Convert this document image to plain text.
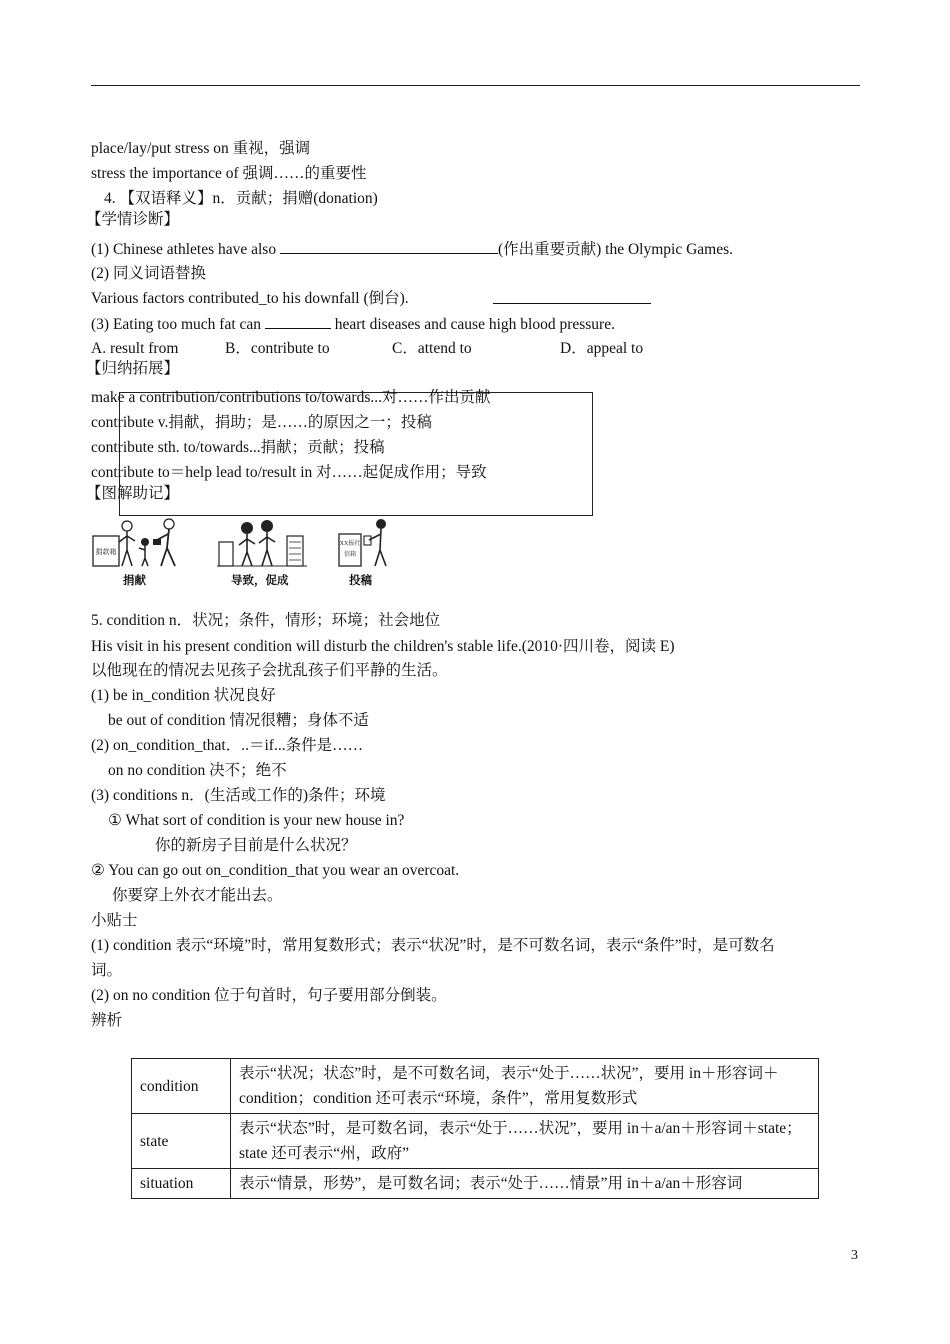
place/lay/put stress on 重视，强调
stress the importance of 强调……的重要性
4. 【双语释义】n．贡献；捐赠(donation)
【学情诊断】
(1) Chinese athletes have also	(作出重要贡献) the Olympic Games.
(2) 同义词语替换
Various factors contributed_to his downfall (倒台).
(3) Eating too much fat can	heart diseases and cause high blood pressure.
A. result from	B．contribute to	C．attend to	D．appeal to
【归纳拓展】
make a contribution/contributions to/towards...对……作出贡献
contribute v.捐献，捐助；是……的原因之一；投稿
contribute sth. to/towards...捐献；贡献；投稿
contribute to＝help lead to/result in 对……起促成作用；导致
【图解助记】
捐款箱
捐献	导致，促成
XX报社
信箱
投稿
5. condition n．状况；条件，情形；环境；社会地位
His visit in his present condition will disturb the children's stable life.(2010·四川卷，阅读 E)
以他现在的情况去见孩子会扰乱孩子们平静的生活。
(1) be in_condition 状况良好
be out of condition 情况很糟；身体不适
(2) on_condition_that．..＝if...条件是……
on no condition 决不；绝不
(3) conditions n．(生活或工作的)条件；环境
① What sort of condition is your new house in?
你的新房子目前是什么状况？
② You can go out on_condition_that you wear an overcoat.
你要穿上外衣才能出去。
小贴士
(1) condition 表示“环境”时，常用复数形式；表示“状况”时，是不可数名词，表示“条件”时，是可数名
词。
(2) on no condition 位于句首时，句子要用部分倒装。
辨析
condition	表示“状况；状态”时，是不可数名词，表示“处于……状况”，要用 in＋形容词＋condition；condition 还可表示“环境，条件”，常用复数形式
state	表示“状态”时，是可数名词，表示“处于……状况”，要用 in＋a/an＋形容词＋state；state 还可表示“州，政府”
situation	表示“情景，形势”，是可数名词；表示“处于……情景”用 in＋a/an＋形容词
3
